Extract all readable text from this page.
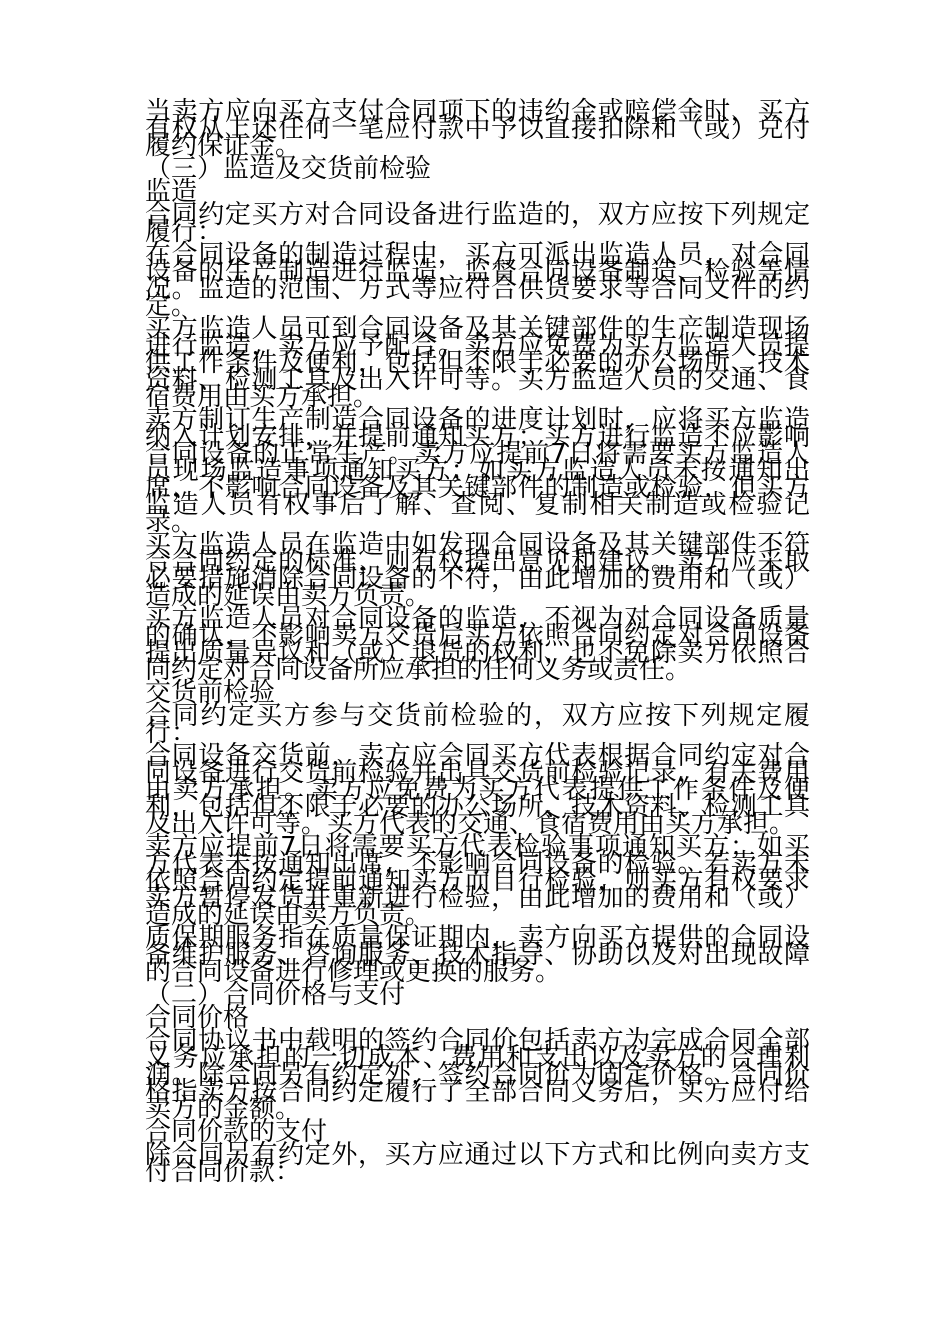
当卖方应向买方支付合同项下的违约金或赔偿金时，买方有权从上述任何一笔应付款中予以直接扣除和（或）兑付履约保证金。

（三）监造及交货前检验

监造

合同约定买方对合同设备进行监造的，双方应按下列规定履行：

在合同设备的制造过程中，买方可派出监造人员，对合同设备的生产制造进行监造，监督合同设备制造、检验等情况。监造的范围、方式等应符合供货要求等合同文件的约定。

买方监造人员可到合同设备及其关键部件的生产制造现场进行监造，卖方应予配合。卖方应免费为买方监造人员提供工作条件及便利，包括但不限于必要的办公场所、技术资料、检测工具及出入许可等。买方监造人员的交通、食宿费用由买方承担。

卖方制订生产制造合同设备的进度计划时，应将买方监造纳入计划安排，并提前通知买方；买方进行监造不应影响合同设备的正常生产。卖方应提前7日将需要买方监造人员现场监造事项通知买方；如买方监造人员未按通知出席，不影响合同设备及其关键部件的制造或检验，但买方监造人员有权事后了解、查阅、复制相关制造或检验记录。

买方监造人员在监造中如发现合同设备及其关键部件不符合合同约定的标准，则有权提出意见和建议。卖方应采取必要措施消除合同设备的不符，由此增加的费用和（或）造成的延误由卖方负责。

买方监造人员对合同设备的监造，不视为对合同设备质量的确认，不影响卖方交货后买方依照合同约定对合同设备提出质量异议和（或）退货的权利，也不免除卖方依照合同约定对合同设备所应承担的任何义务或责任。

交货前检验

合同约定买方参与交货前检验的，双方应按下列规定履行：

合同设备交货前，卖方应会同买方代表根据合同约定对合同设备进行交货前检验并出具交货前检验记录，有关费用由卖方承担。卖方应免费为买方代表提供工作条件及便利，包括但不限于必要的办公场所、技术资料、检测工具及出入许可等。买方代表的交通、食宿费用由买方承担。

卖方应提前7日将需要买方代表检验事项通知买方；如买方代表未按通知出席，不影响合同设备的检验。若卖方未依照合同约定提前通知买方而自行检验，则买方有权要求卖方暂停发货并重新进行检验，由此增加的费用和（或）造成的延误由卖方负责。

质保期服务指在质量保证期内，卖方向买方提供的合同设备维护服务、咨询服务、技术指导、协助以及对出现故障的合同设备进行修理或更换的服务。

（二）合同价格与支付

合同价格

合同协议书中载明的签约合同价包括卖方为完成合同全部义务应承担的一切成本、费用和支出以及卖方的合理利润。除合同另有约定外，签约合同价为固定价格。合同价格指卖方按合同约定履行了全部合同义务后，买方应付给卖方的金额。

合同价款的支付

除合同另有约定外，买方应通过以下方式和比例向卖方支付合同价款：
